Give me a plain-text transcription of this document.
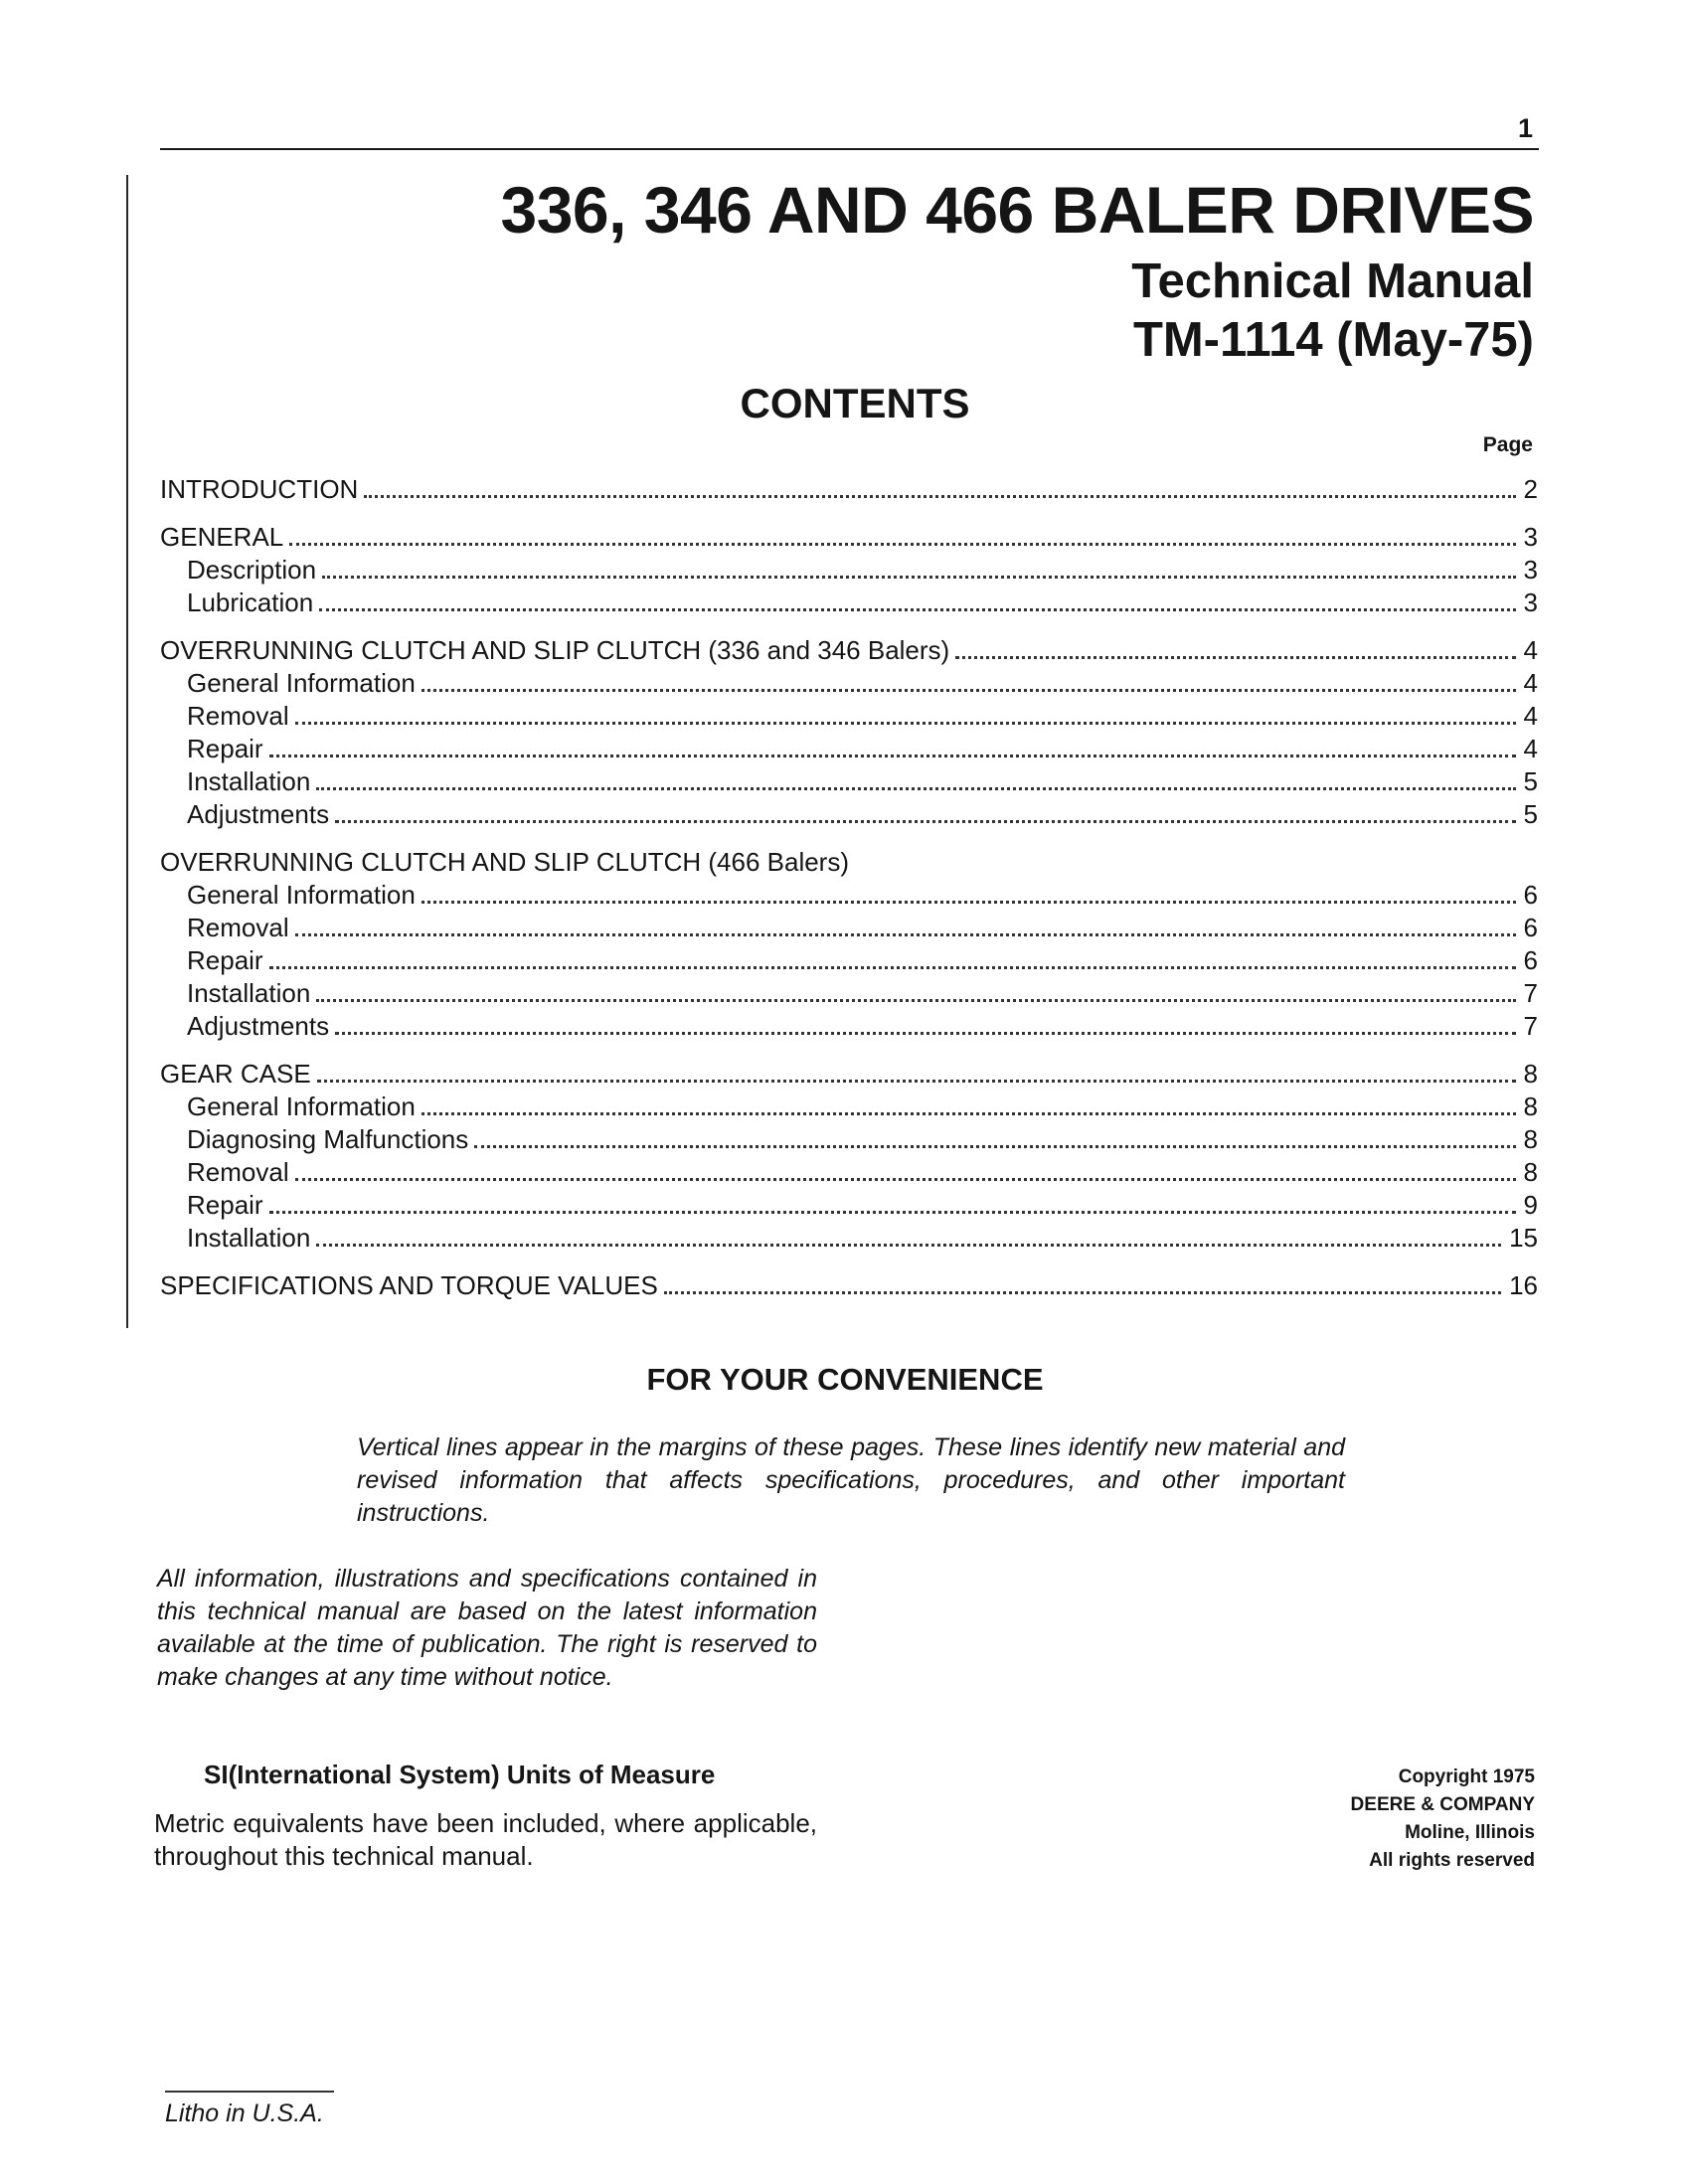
1
336, 346 AND 466 BALER DRIVES
Technical Manual
TM-1114 (May-75)
CONTENTS
Page
INTRODUCTION	2
GENERAL	3
Description	3
Lubrication	3
OVERRUNNING CLUTCH AND SLIP CLUTCH (336 and 346 Balers)	4
General Information	4
Removal	4
Repair	4
Installation	5
Adjustments	5
OVERRUNNING CLUTCH AND SLIP CLUTCH (466 Balers)
General Information	6
Removal	6
Repair	6
Installation	7
Adjustments	7
GEAR CASE	8
General Information	8
Diagnosing Malfunctions	8
Removal	8
Repair	9
Installation	15
SPECIFICATIONS AND TORQUE VALUES	16
FOR YOUR CONVENIENCE
Vertical lines appear in the margins of these pages. These lines identify new material and revised information that affects specifications, procedures, and other important instructions.
All information, illustrations and specifications contained in this technical manual are based on the latest information available at the time of publication. The right is reserved to make changes at any time without notice.
SI(International System) Units of Measure
Metric equivalents have been included, where applicable, throughout this technical manual.
Copyright 1975
DEERE & COMPANY
Moline, Illinois
All rights reserved
Litho in U.S.A.
